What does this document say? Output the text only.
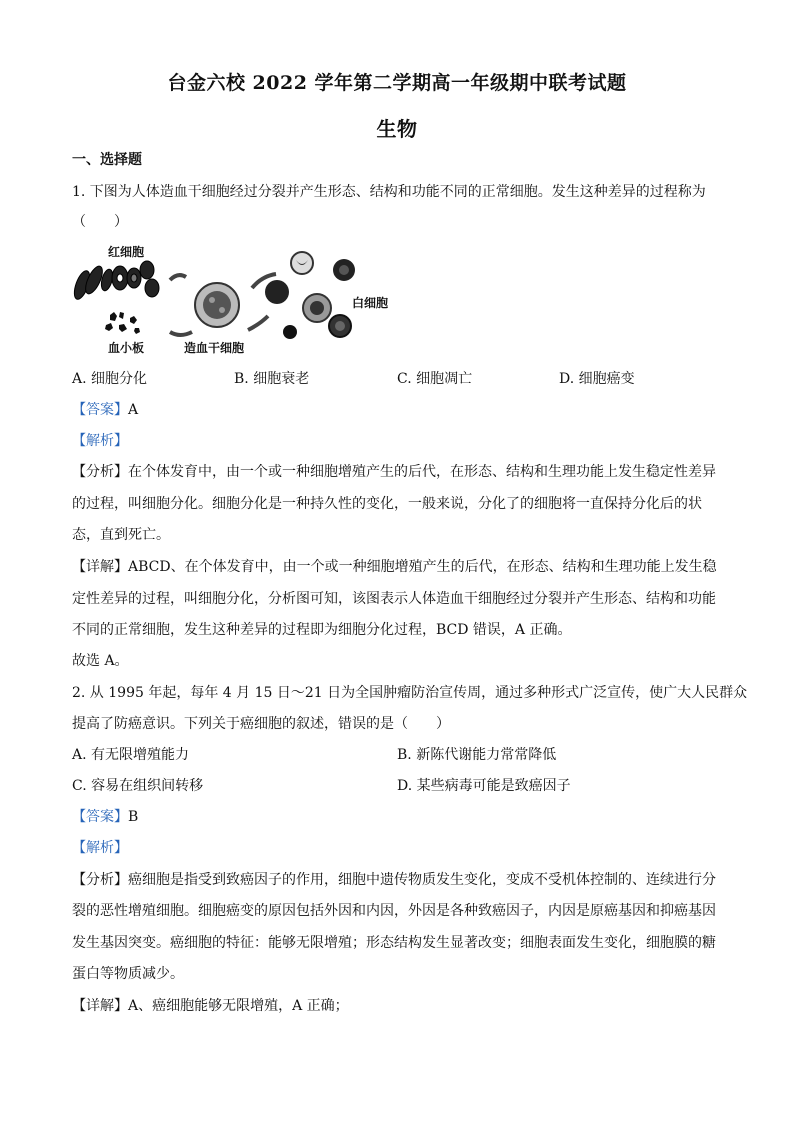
台金六校 2022 学年第二学期高一年级期中联考试题
生物
一、选择题
1. 下图为人体造血干细胞经过分裂并产生形态、结构和功能不同的正常细胞。发生这种差异的过程称为
（　　）
红细胞
白细胞
血小板	造血干细胞
A. 细胞分化	B. 细胞衰老	C. 细胞凋亡	D. 细胞癌变
【答案】A
【解析】
【分析】在个体发育中，由一个或一种细胞增殖产生的后代，在形态、结构和生理功能上发生稳定性差异
的过程，叫细胞分化。细胞分化是一种持久性的变化，一般来说，分化了的细胞将一直保持分化后的状
态，直到死亡。
【详解】ABCD、在个体发育中，由一个或一种细胞增殖产生的后代，在形态、结构和生理功能上发生稳
定性差异的过程，叫细胞分化，分析图可知，该图表示人体造血干细胞经过分裂并产生形态、结构和功能
不同的正常细胞，发生这种差异的过程即为细胞分化过程，BCD 错误，A 正确。
故选 A。
2. 从 1995 年起，每年 4 月 15 日～21 日为全国肿瘤防治宣传周，通过多种形式广泛宣传，使广大人民群众
提高了防癌意识。下列关于癌细胞的叙述，错误的是（　　）
A. 有无限增殖能力	B. 新陈代谢能力常常降低
C. 容易在组织间转移	D. 某些病毒可能是致癌因子
【答案】B
【解析】
【分析】癌细胞是指受到致癌因子的作用，细胞中遗传物质发生变化，变成不受机体控制的、连续进行分
裂的恶性增殖细胞。细胞癌变的原因包括外因和内因，外因是各种致癌因子，内因是原癌基因和抑癌基因
发生基因突变。癌细胞的特征：能够无限增殖；形态结构发生显著改变；细胞表面发生变化，细胞膜的糖
蛋白等物质减少。
【详解】A、癌细胞能够无限增殖，A 正确；
